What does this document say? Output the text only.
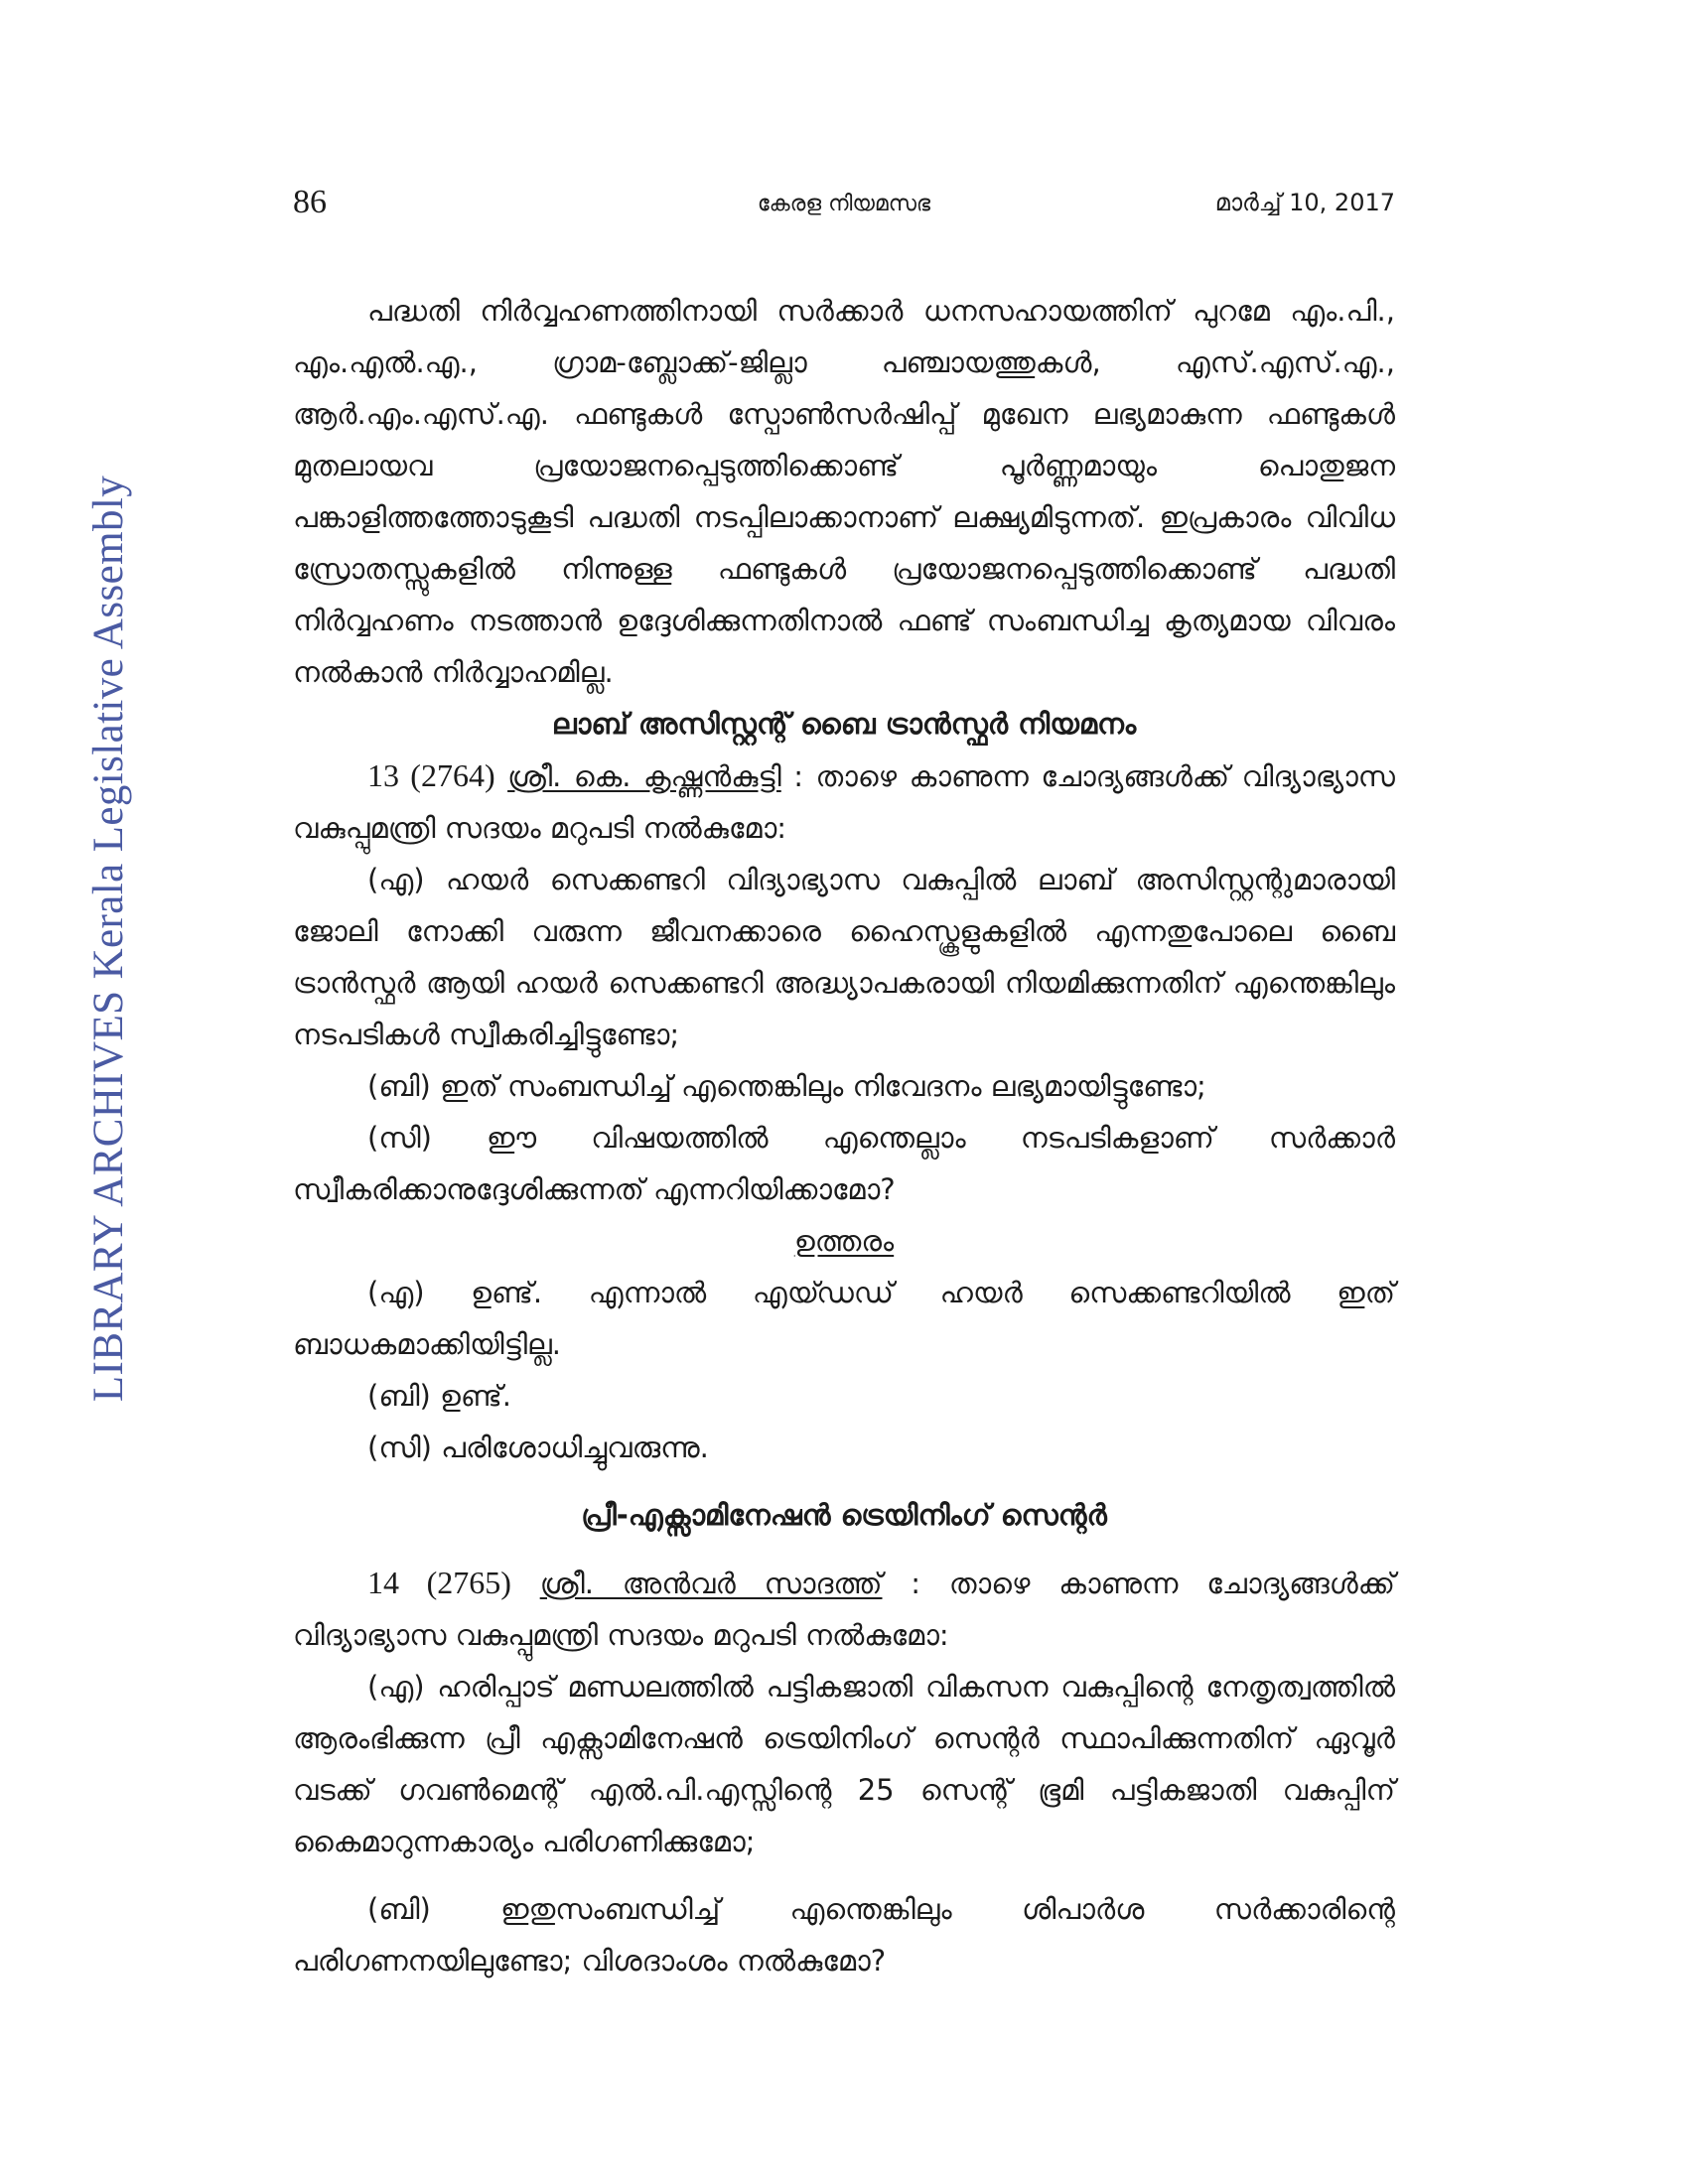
LIBRARY ARCHIVES Kerala Legislative Assembly
86	കേരള നിയമസഭ	മാർച്ച് 10, 2017

പദ്ധതി നിർവ്വഹണത്തിനായി സർക്കാർ ധനസഹായത്തിന് പുറമേ എം.പി., എം.എൽ.എ., ഗ്രാമ-ബ്ലോക്ക്-ജില്ലാ പഞ്ചായത്തുകൾ, എസ്.എസ്.എ., ആർ.എം.എസ്.എ. ഫണ്ടുകൾ സ്പോൺസർഷിപ്പ് മുഖേന ലഭ്യമാകുന്ന ഫണ്ടുകൾ മുതലായവ പ്രയോജനപ്പെടുത്തിക്കൊണ്ട് പൂർണ്ണമായും പൊതുജന പങ്കാളിത്തത്തോടുകൂടി പദ്ധതി നടപ്പിലാക്കാനാണ് ലക്ഷ്യമിടുന്നത്. ഇപ്രകാരം വിവിധ സ്രോതസ്സുകളിൽ നിന്നുള്ള ഫണ്ടുകൾ പ്രയോജനപ്പെടുത്തിക്കൊണ്ട് പദ്ധതി നിർവ്വഹണം നടത്താൻ ഉദ്ദേശിക്കുന്നതിനാൽ ഫണ്ട് സംബന്ധിച്ച കൃത്യമായ വിവരം നൽകാൻ നിർവ്വാഹമില്ല.

ലാബ് അസിസ്റ്റന്റ് ബൈ ട്രാൻസ്ഫർ നിയമനം

13 (2764) ശ്രീ. കെ. കൃഷ്ണൻകുട്ടി : താഴെ കാണുന്ന ചോദ്യങ്ങൾക്ക് വിദ്യാഭ്യാസ വകുപ്പുമന്ത്രി സദയം മറുപടി നൽകുമോ:

(എ) ഹയർ സെക്കണ്ടറി വിദ്യാഭ്യാസ വകുപ്പിൽ ലാബ് അസിസ്റ്റന്റുമാരായി ജോലി നോക്കി വരുന്ന ജീവനക്കാരെ ഹൈസ്കൂളുകളിൽ എന്നതുപോലെ ബൈ ട്രാൻസ്ഫർ ആയി ഹയർ സെക്കണ്ടറി അദ്ധ്യാപകരായി നിയമിക്കുന്നതിന് എന്തെങ്കിലും നടപടികൾ സ്വീകരിച്ചിട്ടുണ്ടോ;

(ബി) ഇത് സംബന്ധിച്ച് എന്തെങ്കിലും നിവേദനം ലഭ്യമായിട്ടുണ്ടോ;

(സി) ഈ വിഷയത്തിൽ എന്തെല്ലാം നടപടികളാണ് സർക്കാർ സ്വീകരിക്കാനുദ്ദേശിക്കുന്നത് എന്നറിയിക്കാമോ?

ഉത്തരം

(എ) ഉണ്ട്. എന്നാൽ എയ്ഡഡ് ഹയർ സെക്കണ്ടറിയിൽ ഇത് ബാധകമാക്കിയിട്ടില്ല.

(ബി) ഉണ്ട്.

(സി) പരിശോധിച്ചുവരുന്നു.

പ്രീ-എക്സാമിനേഷൻ ട്രെയിനിംഗ് സെന്റർ

14 (2765) ശ്രീ. അൻവർ സാദത്ത് : താഴെ കാണുന്ന ചോദ്യങ്ങൾക്ക് വിദ്യാഭ്യാസ വകുപ്പുമന്ത്രി സദയം മറുപടി നൽകുമോ:

(എ) ഹരിപ്പാട് മണ്ഡലത്തിൽ പട്ടികജാതി വികസന വകുപ്പിന്റെ നേതൃത്വത്തിൽ ആരംഭിക്കുന്ന പ്രീ എക്സാമിനേഷൻ ട്രെയിനിംഗ് സെന്റർ സ്ഥാപിക്കുന്നതിന് ഏവൂർ വടക്ക് ഗവൺമെന്റ് എൽ.പി.എസ്സിന്റെ 25 സെന്റ് ഭൂമി പട്ടികജാതി വകുപ്പിന് കൈമാറുന്നകാര്യം പരിഗണിക്കുമോ;

(ബി) ഇതുസംബന്ധിച്ച് എന്തെങ്കിലും ശിപാർശ സർക്കാരിന്റെ പരിഗണനയിലുണ്ടോ; വിശദാംശം നൽകുമോ?
